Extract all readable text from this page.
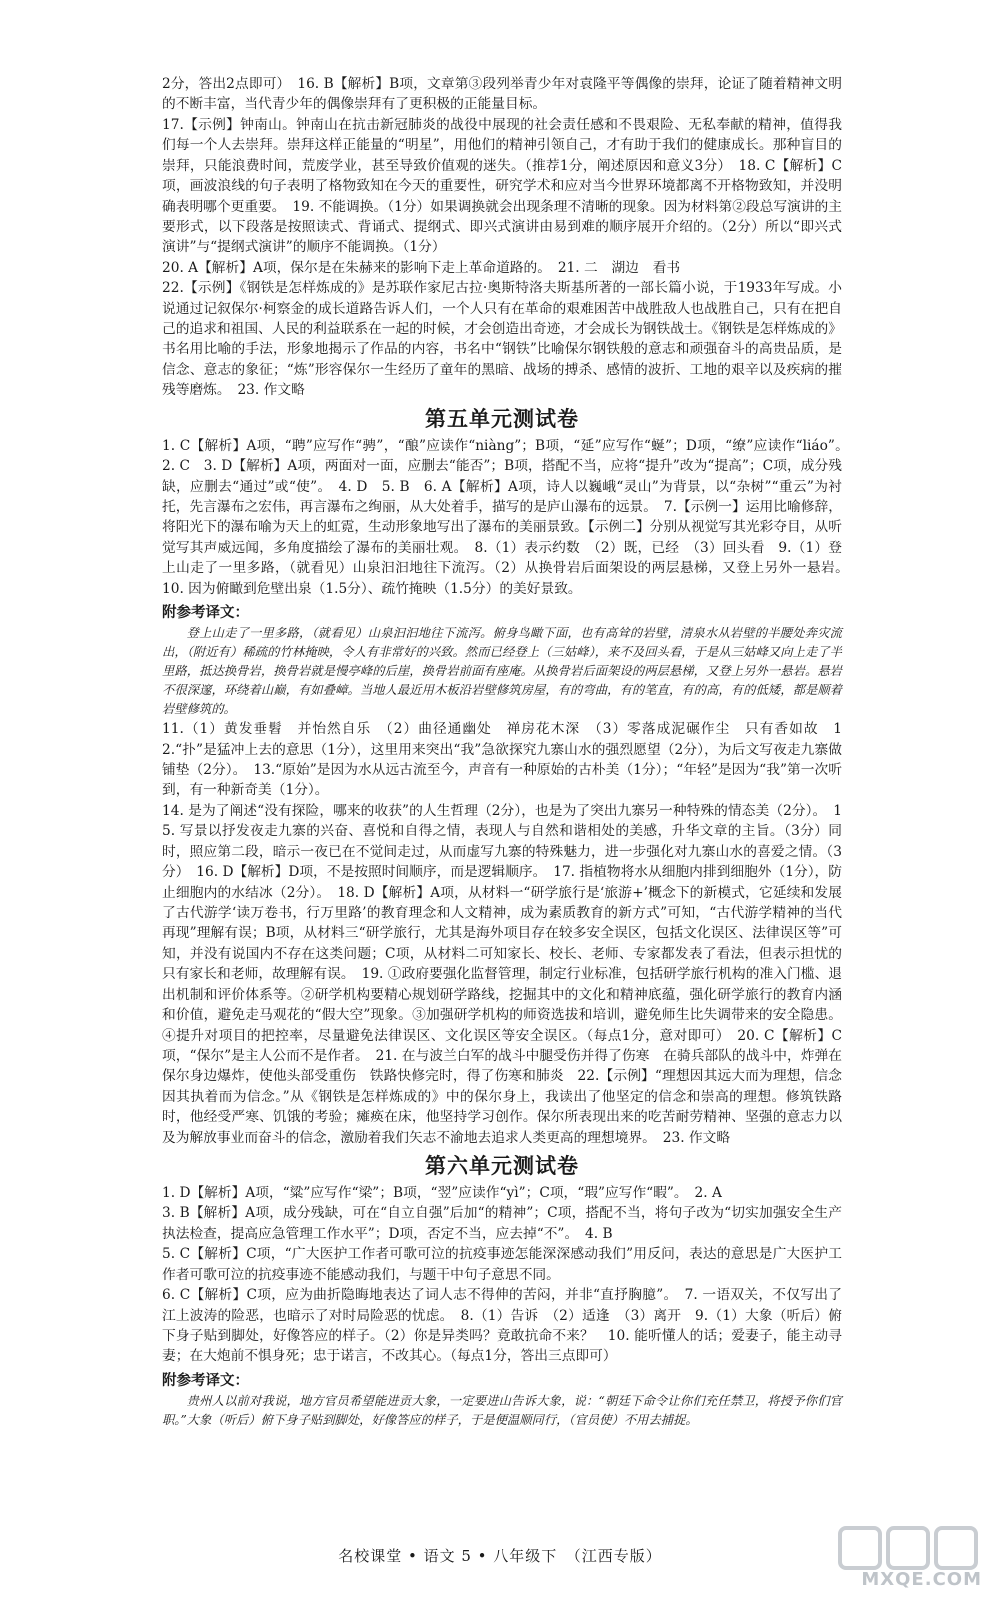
2分，答出2点即可）　16. B【解析】B项，文章第③段列举青少年对袁隆平等偶像的崇拜，论证了随着精神文明的不断丰富，当代青少年的偶像崇拜有了更积极的正能量目标。

17.【示例】钟南山。钟南山在抗击新冠肺炎的战役中展现的社会责任感和不畏艰险、无私奉献的精神，值得我们每一个人去崇拜。崇拜这样正能量的“明星”，用他们的精神引领自己，才有助于我们的健康成长。那种盲目的崇拜，只能浪费时间，荒废学业，甚至导致价值观的迷失。（推荐1分，阐述原因和意义3分）　18. C【解析】C项，画波浪线的句子表明了格物致知在今天的重要性，研究学术和应对当今世界环境都离不开格物致知，并没明确表明哪个更重要。　19. 不能调换。（1分）如果调换就会出现条理不清晰的现象。因为材料第②段总写演讲的主要形式，以下段落是按照读式、背诵式、提纲式、即兴式演讲由易到难的顺序展开介绍的。（2分）所以“即兴式演讲”与“提纲式演讲”的顺序不能调换。（1分）

20. A【解析】A项，保尔是在朱赫来的影响下走上革命道路的。　21. 二　湖边　看书

22.【示例】《钢铁是怎样炼成的》是苏联作家尼古拉·奥斯特洛夫斯基所著的一部长篇小说，于1933年写成。小说通过记叙保尔·柯察金的成长道路告诉人们，一个人只有在革命的艰难困苦中战胜敌人也战胜自己，只有在把自己的追求和祖国、人民的利益联系在一起的时候，才会创造出奇迹，才会成长为钢铁战士。《钢铁是怎样炼成的》书名用比喻的手法，形象地揭示了作品的内容，书名中“钢铁”比喻保尔钢铁般的意志和顽强奋斗的高贵品质，是信念、意志的象征；“炼”形容保尔一生经历了童年的黑暗、战场的搏杀、感情的波折、工地的艰辛以及疾病的摧残等磨炼。　23. 作文略

第五单元测试卷

1. C【解析】A项，“聘”应写作“骋”，“酿”应读作“niàng”；B项，“延”应写作“蜒”；D项，“缭”应读作“liáo”。　2. C　3. D【解析】A项，两面对一面，应删去“能否”；B项，搭配不当，应将“提升”改为“提高”；C项，成分残缺，应删去“通过”或“使”。　4. D　5. B　6. A【解析】A项，诗人以巍峨“灵山”为背景，以“杂树”“重云”为衬托，先言瀑布之宏伟，再言瀑布之绚丽，从大处着手，描写的是庐山瀑布的远景。　7.【示例一】运用比喻修辞，将阳光下的瀑布喻为天上的虹霓，生动形象地写出了瀑布的美丽景致。【示例二】分别从视觉写其光彩夺目，从听觉写其声威远闻，多角度描绘了瀑布的美丽壮观。　8.（1）表示约数　（2）既，已经　（3）回头看　9.（1）登上山走了一里多路，（就看见）山泉汩汩地往下流泻。（2）从换骨岩后面架设的两层悬梯，又登上另外一悬岩。　10. 因为俯瞰到危壁出泉（1.5分）、疏竹掩映（1.5分）的美好景致。

附参考译文：

登上山走了一里多路，（就看见）山泉汩汩地往下流泻。俯身鸟瞰下面，也有高耸的岩壁，清泉水从岩壁的半腰处奔灾流出，（附近有）稀疏的竹林掩映，令人有非常好的兴致。然而已经登上（三姑峰），来不及回头看，于是从三姑峰又向上走了半里路，抵达换骨岩，换骨岩就是慢亭峰的后崖，换骨岩前面有座庵。从换骨岩后面架设的两层悬梯，又登上另外一悬岩。悬岩不很深邃，环绕着山巅，有如叠嶂。当地人最近用木板沿岩壁修筑房屋，有的弯曲，有的笔直，有的高，有的低矮，都是顺着岩壁修筑的。

11.（1）黄发垂髫　并怡然自乐　（2）曲径通幽处　禅房花木深　（3）零落成泥碾作尘　只有香如故　12.“扑”是猛冲上去的意思（1分），这里用来突出“我”急欲探究九寨山水的强烈愿望（2分），为后文写夜走九寨做铺垫（2分）。　13.“原始”是因为水从远古流至今，声音有一种原始的古朴美（1分）；“年轻”是因为“我”第一次听到，有一种新奇美（1分）。

14. 是为了阐述“没有探险，哪来的收获”的人生哲理（2分），也是为了突出九寨另一种特殊的情态美（2分）。　15. 写景以抒发夜走九寨的兴奋、喜悦和自得之情，表现人与自然和谐相处的美感，升华文章的主旨。（3分）同时，照应第二段，暗示一夜已在不觉间走过，从而虚写九寨的特殊魅力，进一步强化对九寨山水的喜爱之情。（3分）　16. D【解析】D项，不是按照时间顺序，而是逻辑顺序。　17. 指植物将水从细胞内排到细胞外（1分），防止细胞内的水结冰（2分）。　18. D【解析】A项，从材料一“研学旅行是‘旅游+’概念下的新模式，它延续和发展了古代游学‘读万卷书，行万里路’的教育理念和人文精神，成为素质教育的新方式”可知，“古代游学精神的当代再现”理解有误；B项，从材料三“研学旅行，尤其是海外项目存在较多安全误区，包括文化误区、法律误区等”可知，并没有说国内不存在这类问题；C项，从材料二可知家长、校长、老师、专家都发表了看法，但表示担忧的只有家长和老师，故理解有误。　19. ①政府要强化监督管理，制定行业标准，包括研学旅行机构的准入门槛、退出机制和评价体系等。②研学机构要精心规划研学路线，挖掘其中的文化和精神底蕴，强化研学旅行的教育内涵和价值，避免走马观花的“假大空”现象。③加强研学机构的师资选拔和培训，避免师生比失调带来的安全隐患。④提升对项目的把控率，尽量避免法律误区、文化误区等安全误区。（每点1分，意对即可）　20. C【解析】C项，“保尔”是主人公而不是作者。　21. 在与波兰白军的战斗中腿受伤并得了伤寒　在骑兵部队的战斗中，炸弹在保尔身边爆炸，使他头部受重伤　铁路快修完时，得了伤寒和肺炎　22.【示例】“理想因其远大而为理想，信念因其执着而为信念。”从《钢铁是怎样炼成的》中的保尔身上，我读出了他坚定的信念和崇高的理想。修筑铁路时，他经受严寒、饥饿的考验；瘫痪在床，他坚持学习创作。保尔所表现出来的吃苦耐劳精神、坚强的意志力以及为解放事业而奋斗的信念，激励着我们矢志不渝地去追求人类更高的理想境界。　23. 作文略

第六单元测试卷

1. D【解析】A项，“粱”应写作“梁”；B项，“翌”应读作“yì”；C项，“瑕”应写作“暇”。　2. A

3. B【解析】A项，成分残缺，可在“自立自强”后加“的精神”；C项，搭配不当，将句子改为“切实加强安全生产执法检查，提高应急管理工作水平”；D项，否定不当，应去掉“不”。　4. B

5. C【解析】C项，“广大医护工作者可歌可泣的抗疫事迹怎能深深感动我们”用反问，表达的意思是广大医护工作者可歌可泣的抗疫事迹不能感动我们，与题干中句子意思不同。

6. C【解析】C项，应为曲折隐晦地表达了词人志不得伸的苦闷，并非“直抒胸臆”。　7. 一语双关，不仅写出了江上波涛的险恶，也暗示了对时局险恶的忧虑。　8.（1）告诉　（2）适逢　（3）离开　9.（1）大象（听后）俯下身子贴到脚处，好像答应的样子。（2）你是异类吗？竟敢抗命不来？　10. 能听懂人的话；爱妻子，能主动寻妻；在大炮前不惧身死；忠于诺言，不改其心。（每点1分，答出三点即可）

附参考译文：

贵州人以前对我说，地方官员希望能进贡大象，一定要进山告诉大象，说：“朝廷下命令让你们充任禁卫，将授予你们官职。”大象（听后）俯下身子贴到脚处，好像答应的样子，于是便温顺同行，（官员使）不用去捕捉。

名校课堂 • 语文 5 • 八年级下　（江西专版）
MXQE.COM
